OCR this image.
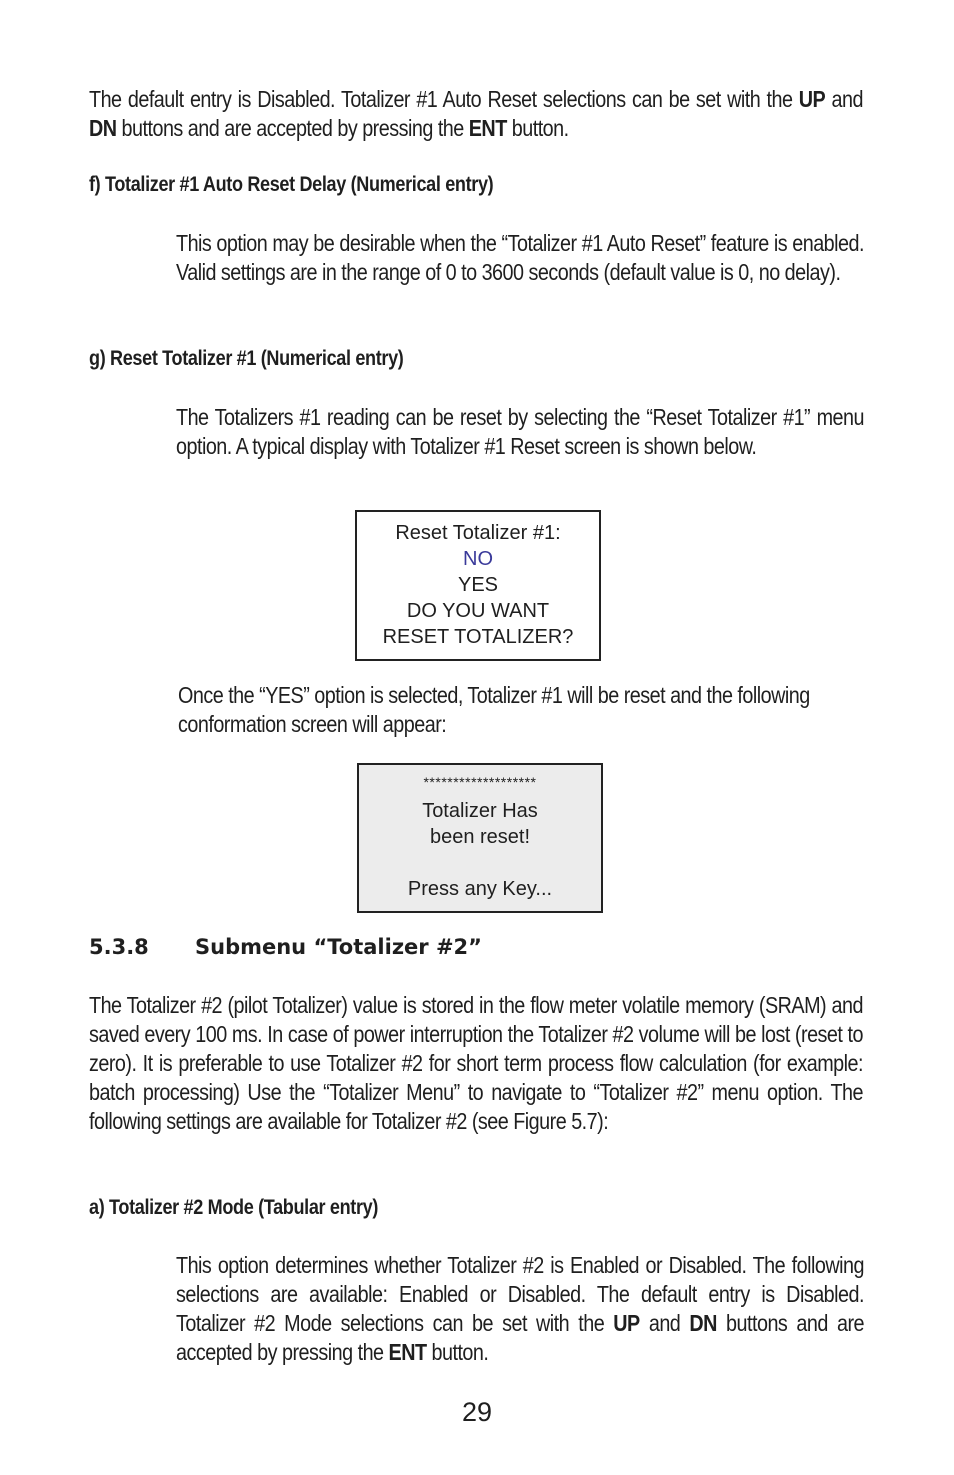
The default entry is Disabled. Totalizer #1 Auto Reset selections can be set with the UP and DN buttons and are accepted by pressing the ENT button.

f) Totalizer #1 Auto Reset Delay (Numerical entry)

This option may be desirable when the “Totalizer #1 Auto Reset” feature is enabled. Valid settings are in the range of 0 to 3600 seconds (default value is 0, no delay).

g) Reset Totalizer #1 (Numerical entry)

The Totalizers #1 reading can be reset by selecting the “Reset Totalizer #1” menu option. A typical display with Totalizer #1 Reset screen is shown below.

Reset Totalizer #1:
NO
YES
DO YOU WANT
RESET TOTALIZER?

Once the “YES” option is selected, Totalizer #1 will be reset and the following conformation screen will appear:

*******************
Totalizer Has
been reset!
Press any Key...
5.3.8 Submenu “Totalizer #2”

The Totalizer #2 (pilot Totalizer) value is stored in the flow meter volatile memory (SRAM) and saved every 100 ms. In case of power interruption the Totalizer #2 volume will be lost (reset to zero). It is preferable to use Totalizer #2 for short term process flow calculation (for example: batch processing) Use the “Totalizer Menu” to navigate to “Totalizer #2” menu option. The following settings are available for Totalizer #2 (see Figure 5.7):

a) Totalizer #2 Mode (Tabular entry)

This option determines whether Totalizer #2 is Enabled or Disabled. The following selections are available: Enabled or Disabled. The default entry is Disabled. Totalizer #2 Mode selections can be set with the UP and DN buttons and are accepted by pressing the ENT button.

29
